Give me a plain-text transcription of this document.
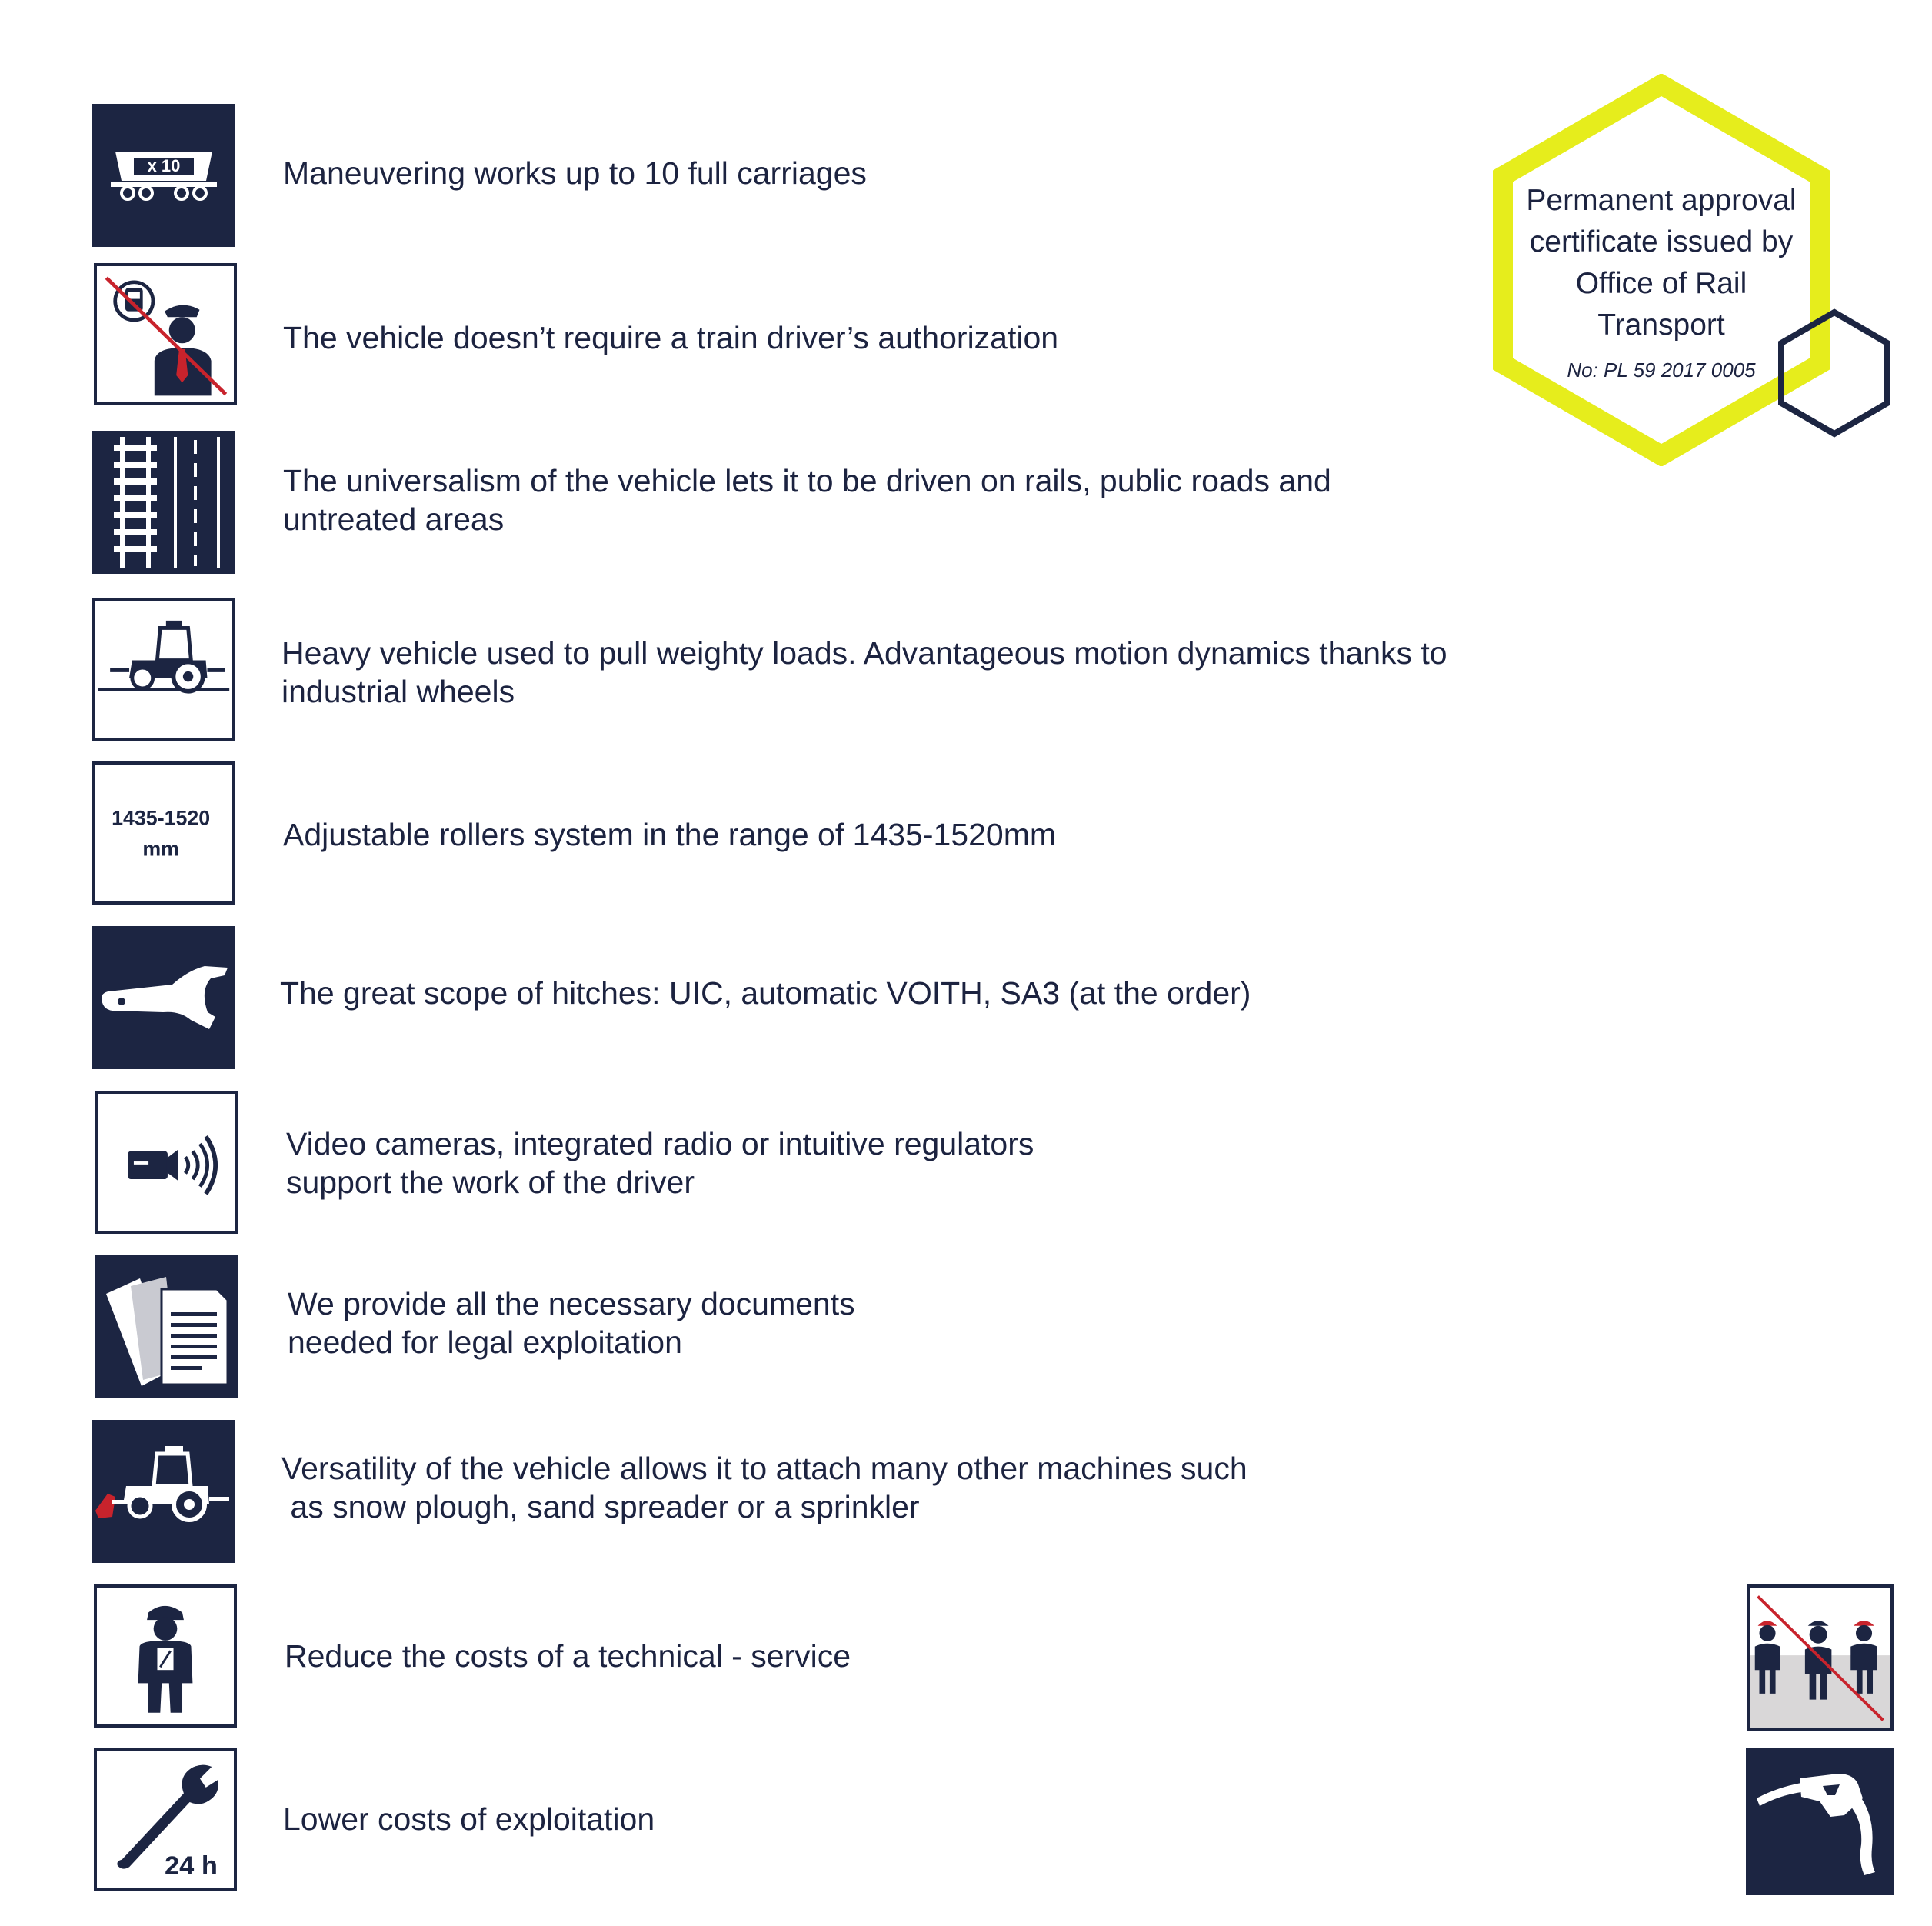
Permanent approval
certificate issued by
Office of Rail
Transport
No: PL 59 2017 0005
x 10	Maneuvering works up to 10 full carriages
The vehicle doesn’t require a train driver’s authorization
The universalism of the vehicle lets it to be driven on rails, public roads and
untreated areas
Heavy vehicle used to pull weighty loads. Advantageous motion dynamics thanks to
industrial wheels
1435-1520
mm	Adjustable rollers system in the range of 1435-1520mm
The great scope of hitches: UIC, automatic VOITH, SA3 (at the order)
Video cameras, integrated radio or intuitive regulators
support the work of the driver
We provide all the necessary documents
needed for legal exploitation
Versatility of the vehicle allows it to attach many other machines such
as snow plough, sand spreader or a sprinkler
Reduce the costs of a technical - service
24 h
Lower costs of exploitation
